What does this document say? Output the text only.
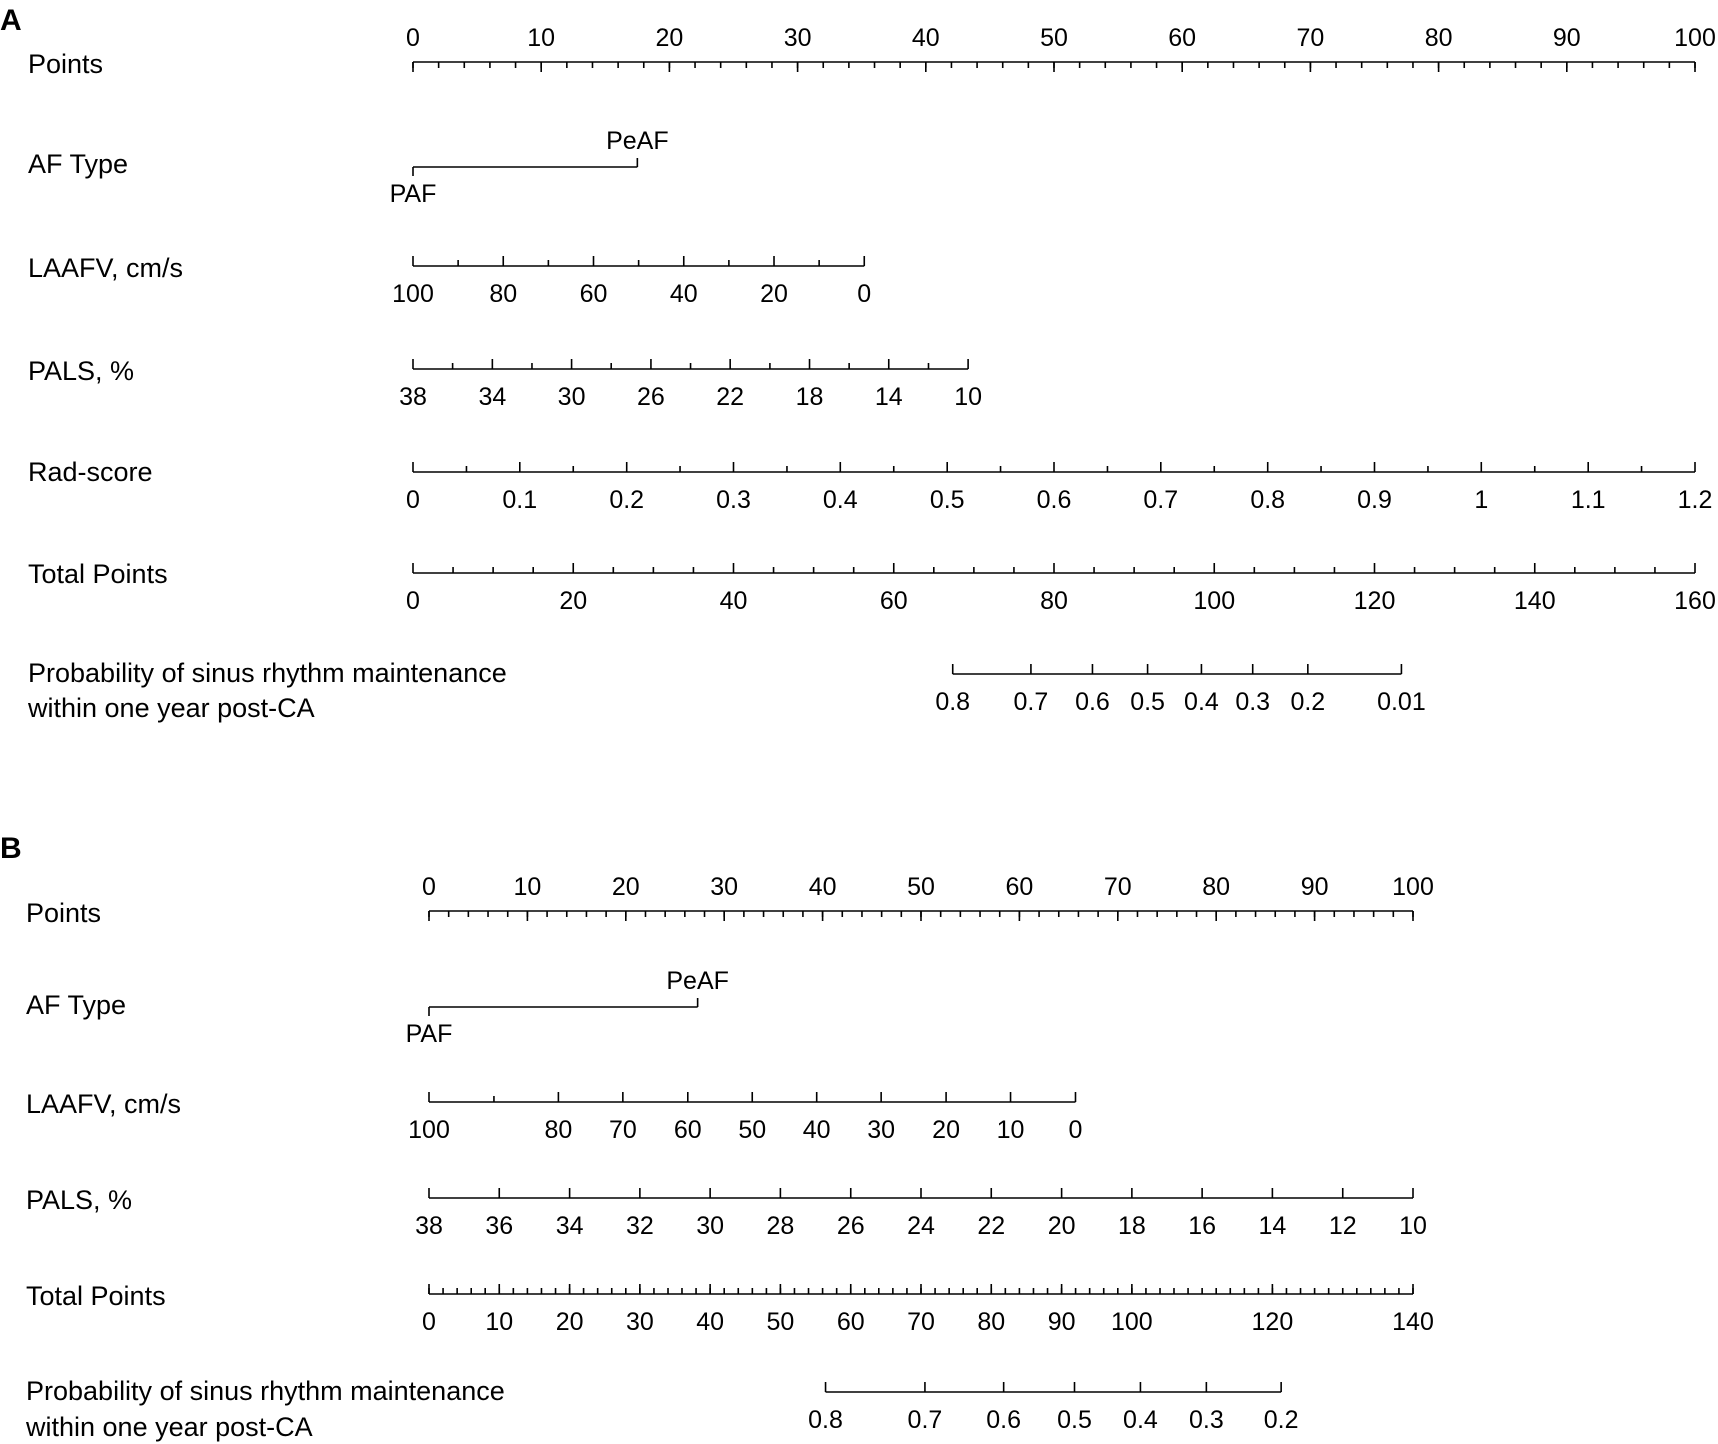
A
Points
0	10	20	30	40	50	60	70	80	90	100
AF Type
PAF
PeAF
LAAFV, cm/s
100 80 60 40 20	0
PALS, %
38 34 30 26 22 18 14 10
Rad-score
0	0.1	0.2	0.3	0.4	0.5	0.6	0.7	0.8	0.9	1	1.1	1.2
Total Points
0	20	40	60	80	100	120	140	160
Probability of sinus rhythm maintenance
within one year post-CA	0.8 0.7 0.6 0.5 0.4 0.3 0.2 0.01
B
Points
0	10	20	30	40	50	60	70	80	90	100
AF Type
PAF
PeAF
LAAFV, cm/s
100	80 70 60 50 40 30 20 10 0
PALS, %
38 36 34 32 30 28 26 24 22 20 18 16 14 12 10
Total Points
0 10 20 30 40 50 60 70 80 90 100	120	140
Probability of sinus rhythm maintenance
within one year post-CA	0.8	0.7 0.6 0.5 0.4 0.3 0.2
